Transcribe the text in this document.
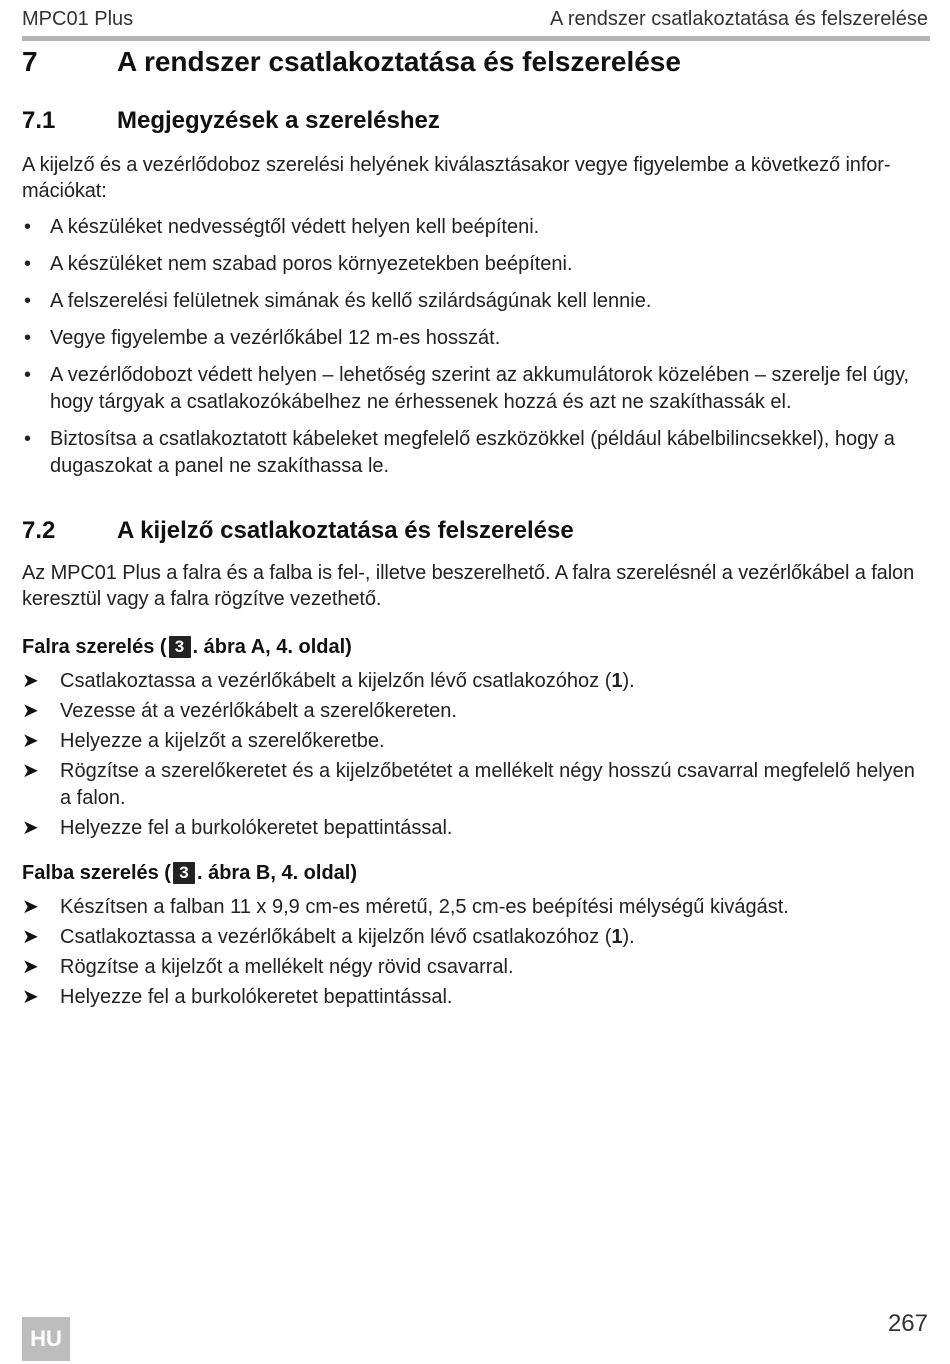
MPC01 Plus	A rendszer csatlakoztatása és felszerelése
7	A rendszer csatlakoztatása és felszerelése
7.1	Megjegyzések a szereléshez

A kijelző és a vezérlődoboz szerelési helyének kiválasztásakor vegye figyelembe a következő infor-
mációkat:

• A készüléket nedvességtől védett helyen kell beépíteni.
• A készüléket nem szabad poros környezetekben beépíteni.
• A felszerelési felületnek simának és kellő szilárdságúnak kell lennie.
• Vegye figyelembe a vezérlőkábel 12 m-es hosszát.
• A vezérlődobozt védett helyen – lehetőség szerint az akkumulátorok közelében – szerelje fel úgy, hogy tárgyak a csatlakozókábelhez ne érhessenek hozzá és azt ne szakíthassák el.
• Biztosítsa a csatlakoztatott kábeleket megfelelő eszközökkel (például kábelbilincsekkel), hogy a dugaszokat a panel ne szakíthassa le.
7.2	A kijelző csatlakoztatása és felszerelése

Az MPC01 Plus a falra és a falba is fel-, illetve beszerelhető. A falra szerelésnél a vezérlőkábel a falon
keresztül vagy a falra rögzítve vezethető.

Falra szerelés ( 3 . ábra A, 4. oldal)
➤	Csatlakoztassa a vezérlőkábelt a kijelzőn lévő csatlakozóhoz (1).
➤	Vezesse át a vezérlőkábelt a szerelőkereten.
➤	Helyezze a kijelzőt a szerelőkeretbe.
➤	Rögzítse a szerelőkeretet és a kijelzőbetétet a mellékelt négy hosszú csavarral megfelelő helyen a falon.
➤	Helyezze fel a burkolókeretet bepattintással.
Falba szerelés ( 3 . ábra B, 4. oldal)
➤	Készítsen a falban 11 x 9,9 cm-es méretű, 2,5 cm-es beépítési mélységű kivágást.
➤	Csatlakoztassa a vezérlőkábelt a kijelzőn lévő csatlakozóhoz (1).
➤	Rögzítse a kijelzőt a mellékelt négy rövid csavarral.
➤	Helyezze fel a burkolókeretet bepattintással.
HU
267
